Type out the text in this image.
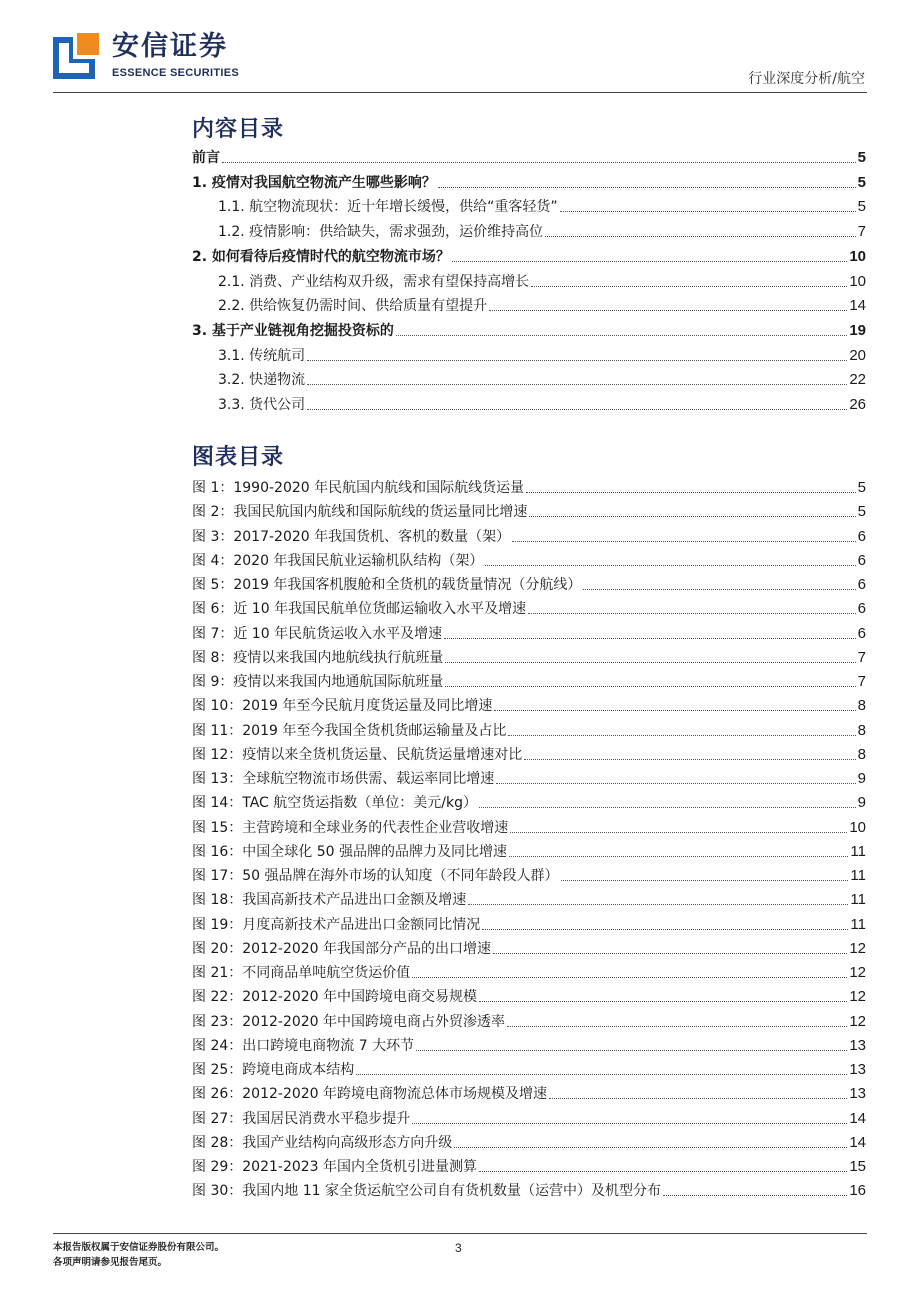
安信证券
ESSENCE SECURITIES	行业深度分析/航空
内容目录
前言	5
1. 疫情对我国航空物流产生哪些影响？	5
1.1. 航空物流现状：近十年增长缓慢，供给“重客轻货”	5
1.2. 疫情影响：供给缺失，需求强劲，运价维持高位	7
2. 如何看待后疫情时代的航空物流市场？	10
2.1. 消费、产业结构双升级，需求有望保持高增长	10
2.2. 供给恢复仍需时间、供给质量有望提升	14
3. 基于产业链视角挖掘投资标的	19
3.1. 传统航司	20
3.2. 快递物流	22
3.3. 货代公司	26
图表目录
图 1：1990-2020 年民航国内航线和国际航线货运量	5
图 2：我国民航国内航线和国际航线的货运量同比增速	5
图 3：2017-2020 年我国货机、客机的数量（架）	6
图 4：2020 年我国民航业运输机队结构（架）	6
图 5：2019 年我国客机腹舱和全货机的载货量情况（分航线）	6
图 6：近 10 年我国民航单位货邮运输收入水平及增速	6
图 7：近 10 年民航货运收入水平及增速	6
图 8：疫情以来我国内地航线执行航班量	7
图 9：疫情以来我国内地通航国际航班量	7
图 10：2019 年至今民航月度货运量及同比增速	8
图 11：2019 年至今我国全货机货邮运输量及占比	8
图 12：疫情以来全货机货运量、民航货运量增速对比	8
图 13：全球航空物流市场供需、载运率同比增速	9
图 14：TAC 航空货运指数（单位：美元/kg）	9
图 15：主营跨境和全球业务的代表性企业营收增速	10
图 16：中国全球化 50 强品牌的品牌力及同比增速	11
图 17：50 强品牌在海外市场的认知度（不同年龄段人群）	11
图 18：我国高新技术产品进出口金额及增速	11
图 19：月度高新技术产品进出口金额同比情况	11
图 20：2012-2020 年我国部分产品的出口增速	12
图 21：不同商品单吨航空货运价值	12
图 22：2012-2020 年中国跨境电商交易规模	12
图 23：2012-2020 年中国跨境电商占外贸渗透率	12
图 24：出口跨境电商物流 7 大环节	13
图 25：跨境电商成本结构	13
图 26：2012-2020 年跨境电商物流总体市场规模及增速	13
图 27：我国居民消费水平稳步提升	14
图 28：我国产业结构向高级形态方向升级	14
图 29：2021-2023 年国内全货机引进量测算	15
图 30：我国内地 11 家全货运航空公司自有货机数量（运营中）及机型分布	16
本报告版权属于安信证券股份有限公司。
各项声明请参见报告尾页。
3
